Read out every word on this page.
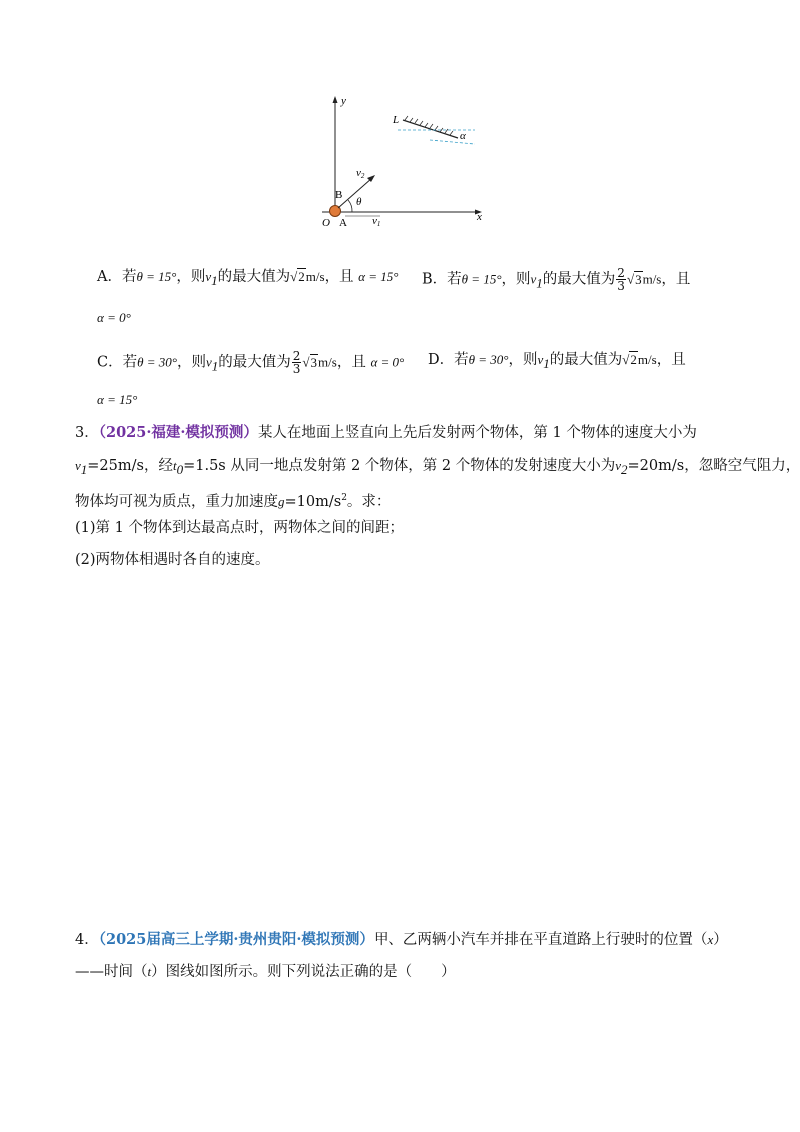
y
x
O A
B
θ
v2
v1
L
α
A．若θ = 15°，则$v_1$的最大值为√2m/s，且 α = 15° B．若θ = 15°，则$v_1$的最大值为 $\frac{2}{3} √3m/s$，且
α = 0°
C．若θ = 30°，则$v_1$的最大值为 $\frac{2}{3} √3m/s$，且 α = 0° D．若θ = 30°，则$v_1$的最大值为√2m/s，且
α = 15°
3．（2025·福建·模拟预测）某人在地面上竖直向上先后发射两个物体，第 1 个物体的速度大小为
$v_1=25m/s$，经$t_0=1.5s$ 从同一地点发射第 2 个物体，第 2 个物体的发射速度大小为$v_2=20m/s$，忽略空气阻力，
物体均可视为质点，重力加速度$g=10m/s^2$。求：
(1)第 1 个物体到达最高点时，两物体之间的间距；
(2)两物体相遇时各自的速度。
4．（2025届高三上学期·贵州贵阳·模拟预测）甲、乙两辆小汽车并排在平直道路上行驶时的位置（x）
——时间（t）图线如图所示。则下列说法正确的是（　　）
